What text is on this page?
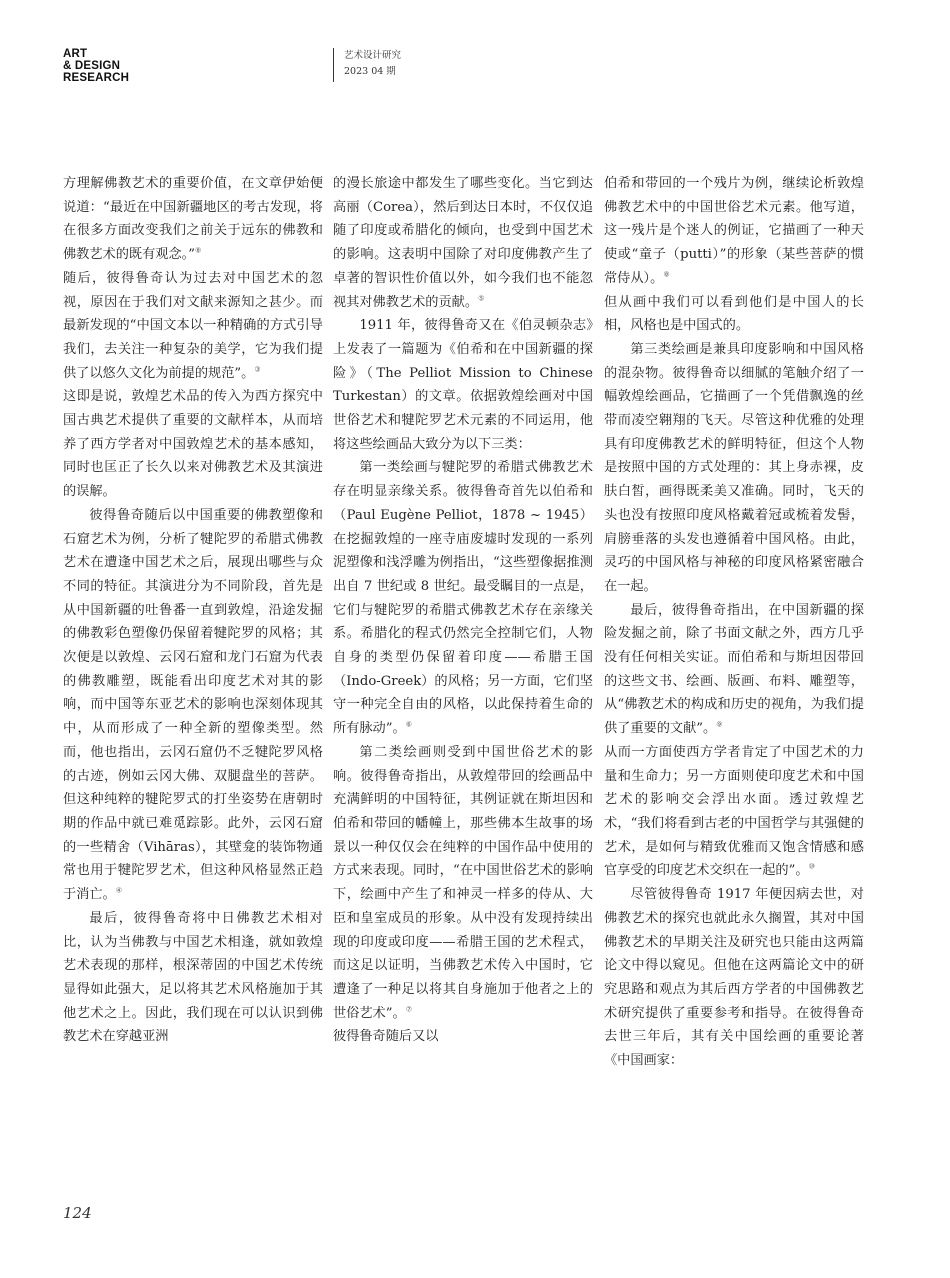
ART
& DESIGN
RESEARCH
艺术设计研究
2023 04 期

方理解佛教艺术的重要价值，在文章伊始便说道：“最近在中国新疆地区的考古发现，将在很多方面改变我们之前关于远东的佛教和佛教艺术的既有观念。”⑧

随后，彼得鲁奇认为过去对中国艺术的忽视，原因在于我们对文献来源知之甚少。而最新发现的“中国文本以一种精确的方式引导我们，去关注一种复杂的美学，它为我们提供了以悠久文化为前提的规范”。③

这即是说，敦煌艺术品的传入为西方探究中国古典艺术提供了重要的文献样本，从而培养了西方学者对中国敦煌艺术的基本感知，同时也匡正了长久以来对佛教艺术及其演进的误解。

彼得鲁奇随后以中国重要的佛教塑像和石窟艺术为例，分析了犍陀罗的希腊式佛教艺术在遭逢中国艺术之后，展现出哪些与众不同的特征。其演进分为不同阶段，首先是从中国新疆的吐鲁番一直到敦煌，沿途发掘的佛教彩色塑像仍保留着犍陀罗的风格；其次便是以敦煌、云冈石窟和龙门石窟为代表的佛教雕塑，既能看出印度艺术对其的影响，而中国等东亚艺术的影响也深刻体现其中，从而形成了一种全新的塑像类型。然而，他也指出，云冈石窟仍不乏犍陀罗风格的古迹，例如云冈大佛、双腿盘坐的菩萨。但这种纯粹的犍陀罗式的打坐姿势在唐朝时期的作品中就已难觅踪影。此外，云冈石窟的一些精舍（Vihāras），其壁龛的装饰物通常也用于犍陀罗艺术，但这种风格显然正趋于消亡。④

最后，彼得鲁奇将中日佛教艺术相对比，认为当佛教与中国艺术相逢，就如敦煌艺术表现的那样，根深蒂固的中国艺术传统显得如此强大，足以将其艺术风格施加于其他艺术之上。因此，我们现在可以认识到佛教艺术在穿越亚洲

的漫长旅途中都发生了哪些变化。当它到达高丽（Corea），然后到达日本时，不仅仅追随了印度或希腊化的倾向，也受到中国艺术的影响。这表明中国除了对印度佛教产生了卓著的智识性价值以外，如今我们也不能忽视其对佛教艺术的贡献。⑤

1911 年，彼得鲁奇又在《伯灵顿杂志》上发表了一篇题为《伯希和在中国新疆的探险》（The Pelliot Mission to Chinese Turkestan）的文章。依据敦煌绘画对中国世俗艺术和犍陀罗艺术元素的不同运用，他将这些绘画品大致分为以下三类：

第一类绘画与犍陀罗的希腊式佛教艺术存在明显亲缘关系。彼得鲁奇首先以伯希和（Paul Eugène Pelliot，1878 ~ 1945）在挖掘敦煌的一座寺庙废墟时发现的一系列泥塑像和浅浮雕为例指出，“这些塑像据推测出自 7 世纪或 8 世纪。最受瞩目的一点是，它们与犍陀罗的希腊式佛教艺术存在亲缘关系。希腊化的程式仍然完全控制它们，人物自身的类型仍保留着印度——希腊王国（Indo-Greek）的风格；另一方面，它们坚守一种完全自由的风格，以此保持着生命的所有脉动”。⑥

第二类绘画则受到中国世俗艺术的影响。彼得鲁奇指出，从敦煌带回的绘画品中充满鲜明的中国特征，其例证就在斯坦因和伯希和带回的幡幢上，那些佛本生故事的场景以一种仅仅会在纯粹的中国作品中使用的方式来表现。同时，“在中国世俗艺术的影响下，绘画中产生了和神灵一样多的侍从、大臣和皇室成员的形象。从中没有发现持续出现的印度或印度——希腊王国的艺术程式，而这足以证明，当佛教艺术传入中国时，它遭逢了一种足以将其自身施加于他者之上的世俗艺术”。⑦

彼得鲁奇随后又以

伯希和带回的一个残片为例，继续论析敦煌佛教艺术中的中国世俗艺术元素。他写道，这一残片是个迷人的例证，它描画了一种天使或“童子（putti）”的形象（某些菩萨的惯常侍从）。⑧

但从画中我们可以看到他们是中国人的长相，风格也是中国式的。

第三类绘画是兼具印度影响和中国风格的混杂物。彼得鲁奇以细腻的笔触介绍了一幅敦煌绘画品，它描画了一个凭借飘逸的丝带而凌空翱翔的飞天。尽管这种优雅的处理具有印度佛教艺术的鲜明特征，但这个人物是按照中国的方式处理的：其上身赤裸，皮肤白皙，画得既柔美又准确。同时，飞天的头也没有按照印度风格戴着冠或梳着发髻，肩膀垂落的头发也遵循着中国风格。由此，灵巧的中国风格与神秘的印度风格紧密融合在一起。

最后，彼得鲁奇指出，在中国新疆的探险发掘之前，除了书面文献之外，西方几乎没有任何相关实证。而伯希和与斯坦因带回的这些文书、绘画、版画、布料、雕塑等，从“佛教艺术的构成和历史的视角，为我们提供了重要的文献”。⑨

从而一方面使西方学者肯定了中国艺术的力量和生命力；另一方面则使印度艺术和中国艺术的影响交会浮出水面。透过敦煌艺术，“我们将看到古老的中国哲学与其强健的艺术，是如何与精致优雅而又饱含情感和感官享受的印度艺术交织在一起的”。⑩

尽管彼得鲁奇 1917 年便因病去世，对佛教艺术的探究也就此永久搁置，其对中国佛教艺术的早期关注及研究也只能由这两篇论文中得以窥见。但他在这两篇论文中的研究思路和观点为其后西方学者的中国佛教艺术研究提供了重要参考和指导。在彼得鲁奇去世三年后，其有关中国绘画的重要论著《中国画家：

124
